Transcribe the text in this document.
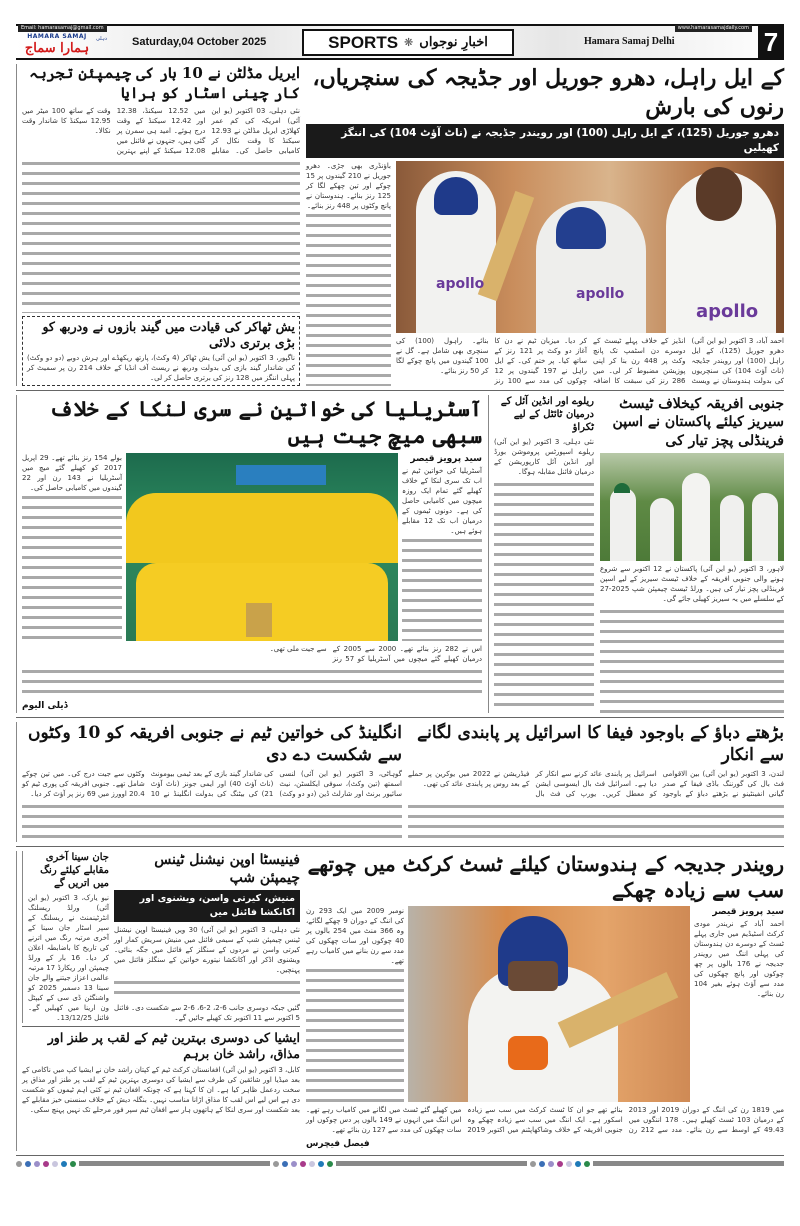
Email: hamarasamaj@gmail.com	www.hamarasamajdaily.com
HAMARA SAMAJ
ہمارا سماج
دہلی Saturday,04 October 2025	SPORTS ❋ اخبارِ نوجواں	Hamara Samaj Delhi	7
کے ایل راہل، دھرو جوریل اور جڈیجہ کی سنچریاں، رنوں کی بارش
دھرو جوریل (125)، کے ایل راہل (100) اور رویندر جڈیجہ نے (ناٹ آؤٹ 104) کی اننگز کھیلیں
apollo
apollo
apollo
احمد آباد، 3 اکتوبر (یو این آئی) دھرو جوریل (125)، کے ایل راہل (100) اور رویندر جڈیجہ (ناٹ آؤٹ 104) کی سنچریوں کی بدولت ہندوستان نے ویسٹ انڈیز کے خلاف پہلے ٹیسٹ کے دوسرے دن اسٹمپ تک پانچ وکٹ پر 448 رن بنا کر اپنی پوزیشن مضبوط کر لی۔ میں 286 رنز کی سبقت کا اضافہ کر دیا۔ میزبان ٹیم نے دن کا آغاز دو وکٹ پر 121 رنز کے ساتھ کیا۔ پر ختم کی۔ کے ایل راہل نے 197 گیندوں پر 12 چوکوں کی مدد سے 100 رنز بنائے۔ راہول (100) کی سنچری بھی شامل ہے۔ گل نے 100 گیندوں میں پانچ چوکے لگا کر 50 رنز بنائے۔
باؤنڈری بھی جڑی۔ دھرو جوریل نے 210 گیندوں پر 15 چوکے اور تین چھکے لگا کر 125 رنز بنائے۔ ہندوستان نے پانچ وکٹوں پر 448 رنز بنائے۔
ایریل مڈلٹن نے 10 بار کی چیمپئن تجربہ کار چینی اسٹار کو ہرایا
نئی دہلی، 03 اکتوبر (یو این آئی) امریکہ کی کم عمر کھلاڑی ایریل مڈلٹن نے 12.93 سیکنڈ کا وقت نکال کر کامیابی حاصل کی۔ مقابلے میں 12.52 سیکنڈ، 12.38 اور 12.42 سیکنڈ کے وقت درج ہوئے۔ امید ہی سمرن پر گئی ہیں، جنہوں نے فائنل میں 12.08 سیکنڈ کے اپنے بہترین وقت کے ساتھ 100 میٹر میں 12.95 سیکنڈ کا شاندار وقت نکالا۔
یش ٹھاکر کی قیادت میں گیند بازوں نے ودربھ کو بڑی برتری دلائی
ناگپور، 3 اکتوبر (یو این آئی) یش ٹھاکر (4 وکٹ)، پارتھ ریکھڈے اور ہرش دوبے (دو دو وکٹ) کی شاندار گیند بازی کی بدولت ودربھ نے ریسٹ آف انڈیا کے خلاف 214 رن پر سمیٹ کر پہلی اننگز میں 128 رنز کی برتری حاصل کر لی۔
جنوبی افریقہ کیخلاف ٹیسٹ سیریز کیلئے پاکستان نے اسپن فرینڈلی پچز تیار کی
لاہور، 3 اکتوبر (یو این آئی) پاکستان نے 12 اکتوبر سے شروع ہونے والی جنوبی افریقہ کے خلاف ٹیسٹ سیریز کے لیے اسپن فرینڈلی پچز تیار کی ہیں۔ ورلڈ ٹیسٹ چیمپئن شپ 2025-27 کے سلسلے میں یہ سیریز کھیلی جائے گی۔
ریلوے اور انڈین آئل کے درمیان ٹائٹل کے لیے ٹکراؤ
نئی دہلی، 3 اکتوبر (یو این آئی) ریلوے اسپورٹس پروموشن بورڈ اور انڈین آئل کارپوریشن کے درمیان فائنل مقابلہ ہوگا۔
آسٹریلیا کی خواتین نے سری لنکا کے خلاف سبھی میچ جیت ہیں
سید پرویز قیصر
آسٹریلیا کی خواتین ٹیم نے اب تک سری لنکا کے خلاف کھیلے گئے تمام ایک روزہ میچوں میں کامیابی حاصل کی ہے۔ دونوں ٹیموں کے درمیان اب تک 12 مقابلے ہوئے ہیں۔
بولے 154 رنز بنائے تھے۔ 29 اپریل 2017 کو کھیلے گئے میچ میں آسٹریلیا نے 143 رن اور 22 گیندوں میں کامیابی حاصل کی۔
اس نے 282 رنز بنائے تھے۔ 2000 سے 2005 کے درمیان کھیلے گئے میچوں میں آسٹریلیا کو 57 رنز سے جیت ملی تھی۔
ڈیلی الیوم
بڑھتے دباؤ کے باوجود فیفا کا اسرائیل پر پابندی لگانے سے انکار
لندن، 3 اکتوبر (یو این آئی) بین الاقوامی فٹ بال کی گورننگ باڈی فیفا کے صدر گیانی انفینٹینو نے بڑھتے دباؤ کے باوجود اسرائیل پر پابندی عائد کرنے سے انکار کر دیا ہے۔ اسرائیل فٹ بال ایسوسی ایشن کو معطل کریں۔ یورپ کی فٹ بال فیڈریشن نے 2022 میں یوکرین پر حملے کے بعد روس پر پابندی عائد کی تھی۔
انگلینڈ کی خواتین ٹیم نے جنوبی افریقہ کو 10 وکٹوں سے شکست دے دی
گوہاٹی، 3 اکتوبر (یو این آئی) لنسی اسمتھ (تین وکٹ)، سوفی ایکلسٹن، نیٹ سائیور برنٹ اور شارلٹ ڈین (دو دو وکٹ) کی شاندار گیند بازی کے بعد ٹیمی بیومونٹ (ناٹ آؤٹ 40) اور ایمی جونز (ناٹ آؤٹ 21) کی بیٹنگ کی بدولت انگلینڈ نے 10 وکٹوں سے جیت درج کی۔ میں تین چوکے شامل تھے۔ جنوبی افریقہ کی پوری ٹیم کو 20.4 اوورز میں 69 رنز پر آؤٹ کر دیا۔
رویندر جدیجہ کے ہندوستان کیلئے ٹسٹ کرکٹ میں چوتھے سب سے زیادہ چھکے
سید پرویز قیصر
احمد آباد کے نریندر مودی کرکٹ اسٹیڈیم میں جاری پہلے ٹسٹ کے دوسرے دن ہندوستان کی پہلی اننگ میں رویندر جدیجہ نے 176 بالوں پر چھ چوکوں اور پانچ چھکوں کی مدد سے آؤٹ ہوئے بغیر 104 رن بنائے۔
نومبر 2009 میں ایک 293 رن کی اننگ کے دوران 9 چھکے لگائے، وہ 366 منٹ میں 254 بالوں پر 40 چوکوں اور سات چھکوں کی مدد سے رن بنانے میں کامیاب رہے تھے۔
میں 1819 رن کی اننگ کے دوران 2019 اور 2013 کے درمیان 103 ٹسٹ کھیلے ہیں۔ 178 اننگوں میں 49.43 کے اوسط سے رن بنائے۔ مدد سے 212 رن بنائے تھے جو ان کا ٹسٹ کرکٹ میں سب سے زیادہ اسکور ہے۔ ایک اننگ میں سب سے زیادہ چھکے وہ جنوبی افریقہ کے خلاف وشاکھاپٹنم میں اکتوبر 2019 میں کھیلے گئے ٹسٹ میں لگانے میں کامیاب رہے تھے۔ اس اننگ میں انہوں نے 149 بالوں پر دس چوکوں اور سات چھکوں کی مدد سے 127 رن بنائے تھے۔
فیصل فیچرس
فینیسٹا اوپن نیشنل ٹینس چیمپئن شپ
منیش، کیرتی واسن، ویشنوی اور اکانکشا فائنل میں
نئی دہلی، 3 اکتوبر (یو این آئی) 30 ویں فینیسٹا اوپن نیشنل ٹینس چیمپئن شپ کے سیمی فائنل میں منیش سریش کمار اور کیرتی واسن نے مردوں کے سنگلز کے فائنل میں جگہ بنائی۔ ویشنوی اڈکر اور آکانکشا نیتورے خواتین کے سنگلز فائنل میں پہنچیں۔
گئیں جبکہ دوسری جانب 6-2، 2-6، 6-2 سے شکست دی۔ فائنل 5 اکتوبر سے 11 اکتوبر تک کھیلے جائیں گے۔
جان سینا آخری مقابلے کیلئے رنگ میں اتریں گے
نیو یارک، 3 اکتوبر (یو این آئی) ورلڈ ریسلنگ انٹرٹینمنٹ نے ریسلنگ کے سپر اسٹار جان سینا کے آخری مرتبہ رنگ میں اترنے کی تاریخ کا باضابطہ اعلان کر دیا۔ 16 بار کے ورلڈ چیمپئن اور ریکارڈ 17 مرتبہ عالمی اعزاز جیتنے والے جان سینا 13 دسمبر 2025 کو واشنگٹن ڈی سی کے کیپٹل ون ارینا میں کھیلیں گے۔ فائنل 13/12/25۔
ایشیا کی دوسری بہترین ٹیم کے لقب پر طنز اور مذاق، راشد خان برہم
کابل، 3 اکتوبر (یو این آئی) افغانستان کرکٹ ٹیم کے کپتان راشد خان نے ایشیا کپ میں ناکامی کے بعد میڈیا اور شائقین کی طرف سے ایشیا کی دوسری بہترین ٹیم کے لقب پر طنز اور مذاق پر سخت ردعمل ظاہر کیا ہے۔ ان کا کہنا ہے کہ چونکہ افغان ٹیم نے کئی اہم ٹیموں کو شکست دی ہے اس لیے اس لقب کا مذاق اڑانا مناسب نہیں۔ بنگلہ دیش کے خلاف سنسنی خیز مقابلے کے بعد شکست اور سری لنکا کے ہاتھوں ہار سے افغان ٹیم سپر فور مرحلے تک نہیں پہنچ سکی۔
